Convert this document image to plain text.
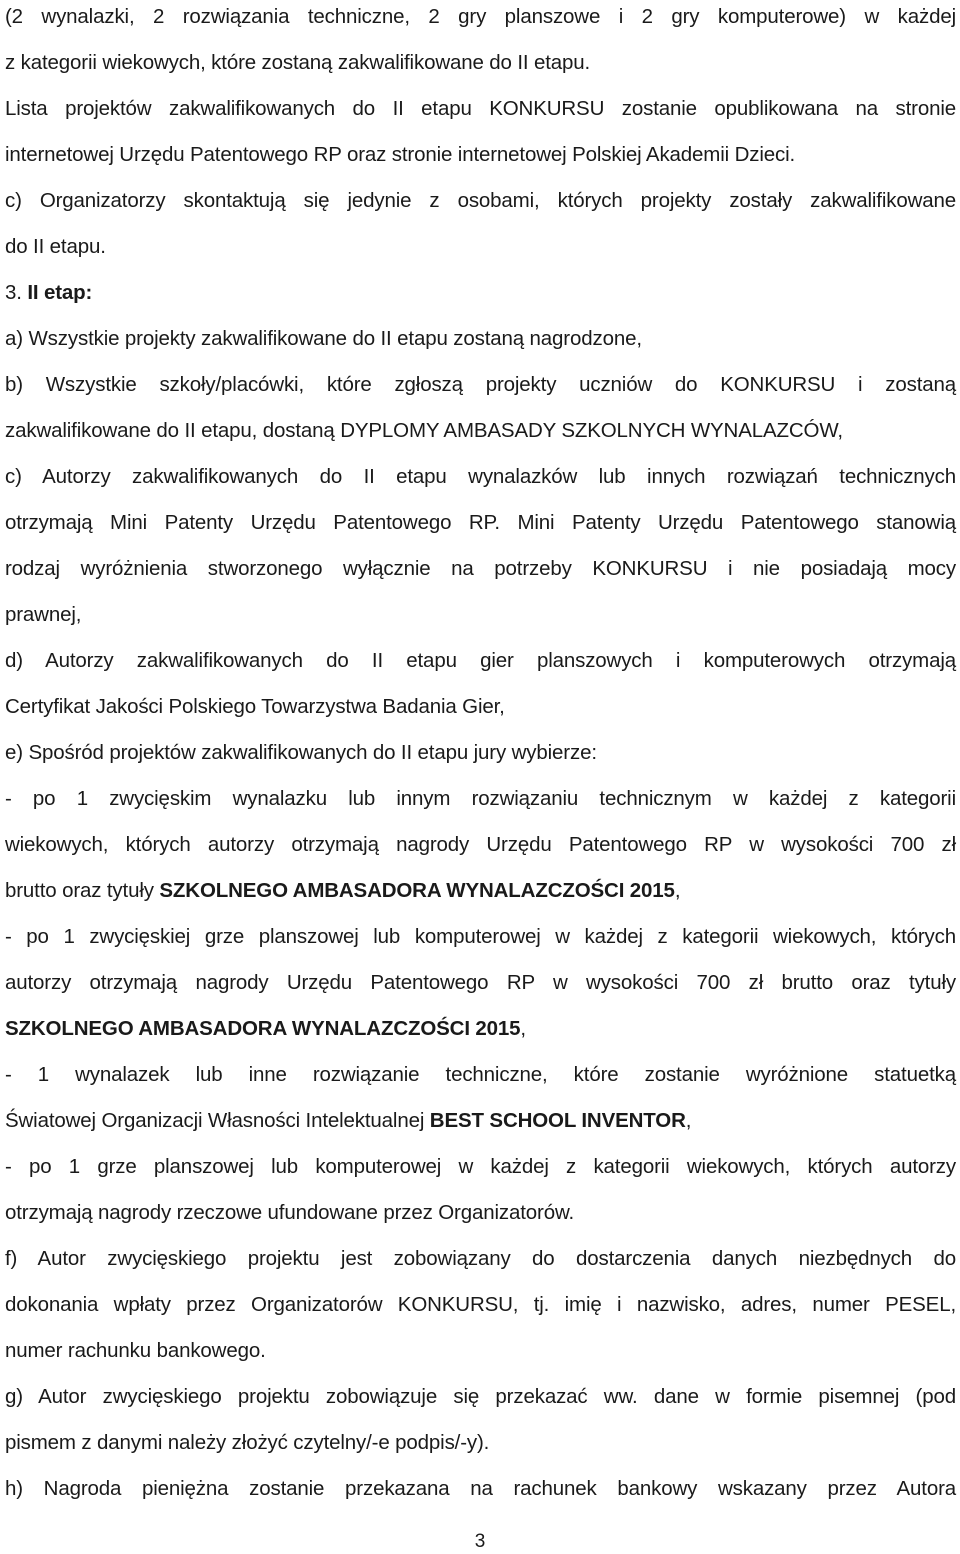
(2 wynalazki, 2 rozwiązania techniczne, 2 gry planszowe i 2 gry komputerowe) w każdej
z kategorii wiekowych, które zostaną zakwalifikowane do II etapu.
Lista projektów zakwalifikowanych do II etapu KONKURSU zostanie opublikowana na stronie
internetowej Urzędu Patentowego RP oraz stronie internetowej Polskiej Akademii Dzieci.
c) Organizatorzy skontaktują się jedynie z osobami, których projekty zostały zakwalifikowane
do II etapu.
3. II etap:
a) Wszystkie projekty zakwalifikowane do II etapu zostaną nagrodzone,
b) Wszystkie szkoły/placówki, które zgłoszą projekty uczniów do KONKURSU i zostaną
zakwalifikowane do II etapu, dostaną DYPLOMY AMBASADY SZKOLNYCH WYNALAZCÓW,
c) Autorzy zakwalifikowanych do II etapu wynalazków lub innych rozwiązań technicznych
otrzymają Mini Patenty Urzędu Patentowego RP. Mini Patenty Urzędu Patentowego stanowią
rodzaj wyróżnienia stworzonego wyłącznie na potrzeby KONKURSU i nie posiadają mocy
prawnej,
d) Autorzy zakwalifikowanych do II etapu gier planszowych i komputerowych otrzymają
Certyfikat Jakości Polskiego Towarzystwa Badania Gier,
e) Spośród projektów zakwalifikowanych do II etapu jury wybierze:
- po 1 zwycięskim wynalazku lub innym rozwiązaniu technicznym w każdej z kategorii
wiekowych, których autorzy otrzymają nagrody Urzędu Patentowego RP w wysokości 700 zł
brutto oraz tytuły SZKOLNEGO AMBASADORA WYNALAZCZOŚCI 2015,
- po 1 zwycięskiej grze planszowej lub komputerowej w każdej z kategorii wiekowych, których
autorzy otrzymają nagrody Urzędu Patentowego RP w wysokości 700 zł brutto oraz tytuły
SZKOLNEGO AMBASADORA WYNALAZCZOŚCI 2015,
- 1 wynalazek lub inne rozwiązanie techniczne, które zostanie wyróżnione statuetką
Światowej Organizacji Własności Intelektualnej BEST SCHOOL INVENTOR,
- po 1 grze planszowej lub komputerowej w każdej z kategorii wiekowych, których autorzy
otrzymają nagrody rzeczowe ufundowane przez Organizatorów.
f) Autor zwycięskiego projektu jest zobowiązany do dostarczenia danych niezbędnych do
dokonania wpłaty przez Organizatorów KONKURSU, tj. imię i nazwisko, adres, numer PESEL,
numer rachunku bankowego.
g) Autor zwycięskiego projektu zobowiązuje się przekazać ww. dane w formie pisemnej (pod
pismem z danymi należy złożyć czytelny/-e podpis/-y).
h) Nagroda pieniężna zostanie przekazana na rachunek bankowy wskazany przez Autora
3
